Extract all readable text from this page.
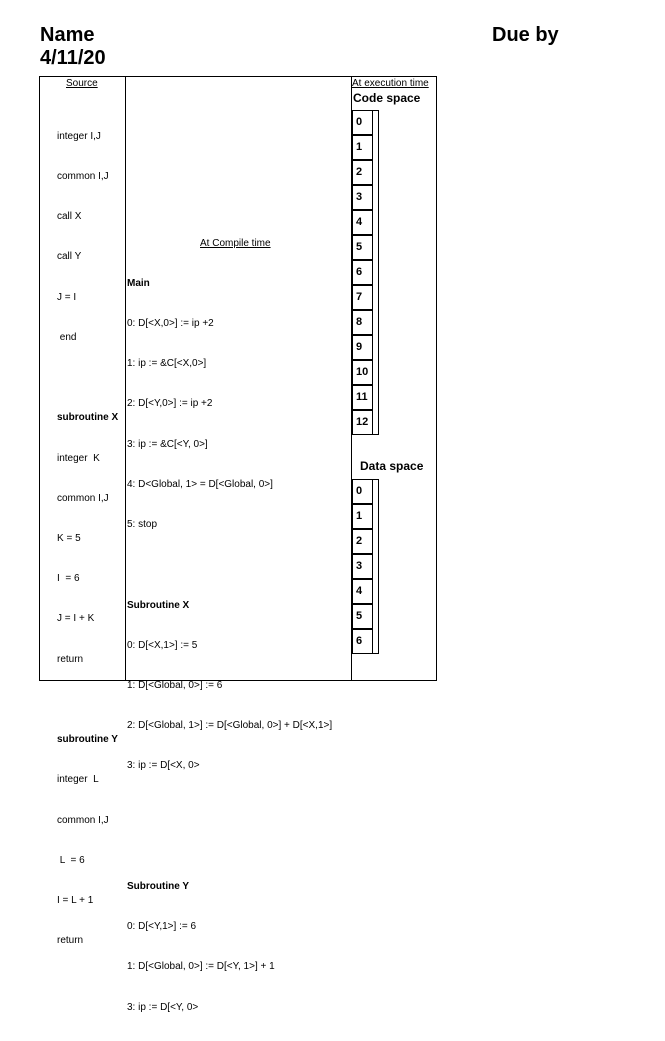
Name
4/11/20
Due by
Source

integer I,J

common I,J

call X

call Y

J = I

end

subroutine X

integer  K

common I,J

K = 5

I  = 6

J = I + K

return

subroutine Y

integer  L

common I,J

L  = 6

I = L + 1

return

At Compile time

Main

0: D[<X,0>] := ip +2

1: ip := &C[<X,0>]

2: D[<Y,0>] := ip +2

3: ip := &C[<Y, 0>]

4: D<Global, 1> = D[<Global, 0>]

5: stop

Subroutine X

0: D[<X,1>] := 5

1: D[<Global, 0>] := 6

2: D[<Global, 1>] := D[<Global, 0>] + D[<X,1>]

3: ip := D[<X, 0>

Subroutine Y

0: D[<Y,1>] := 6

1: D[<Global, 0>] := D[<Y, 1>] + 1

3: ip := D[<Y, 0>

At execution time
Code space
0
1
2
3
4
5
6
7
8
9
10
11
12
Data space
0
1
2
3
4
5
6
